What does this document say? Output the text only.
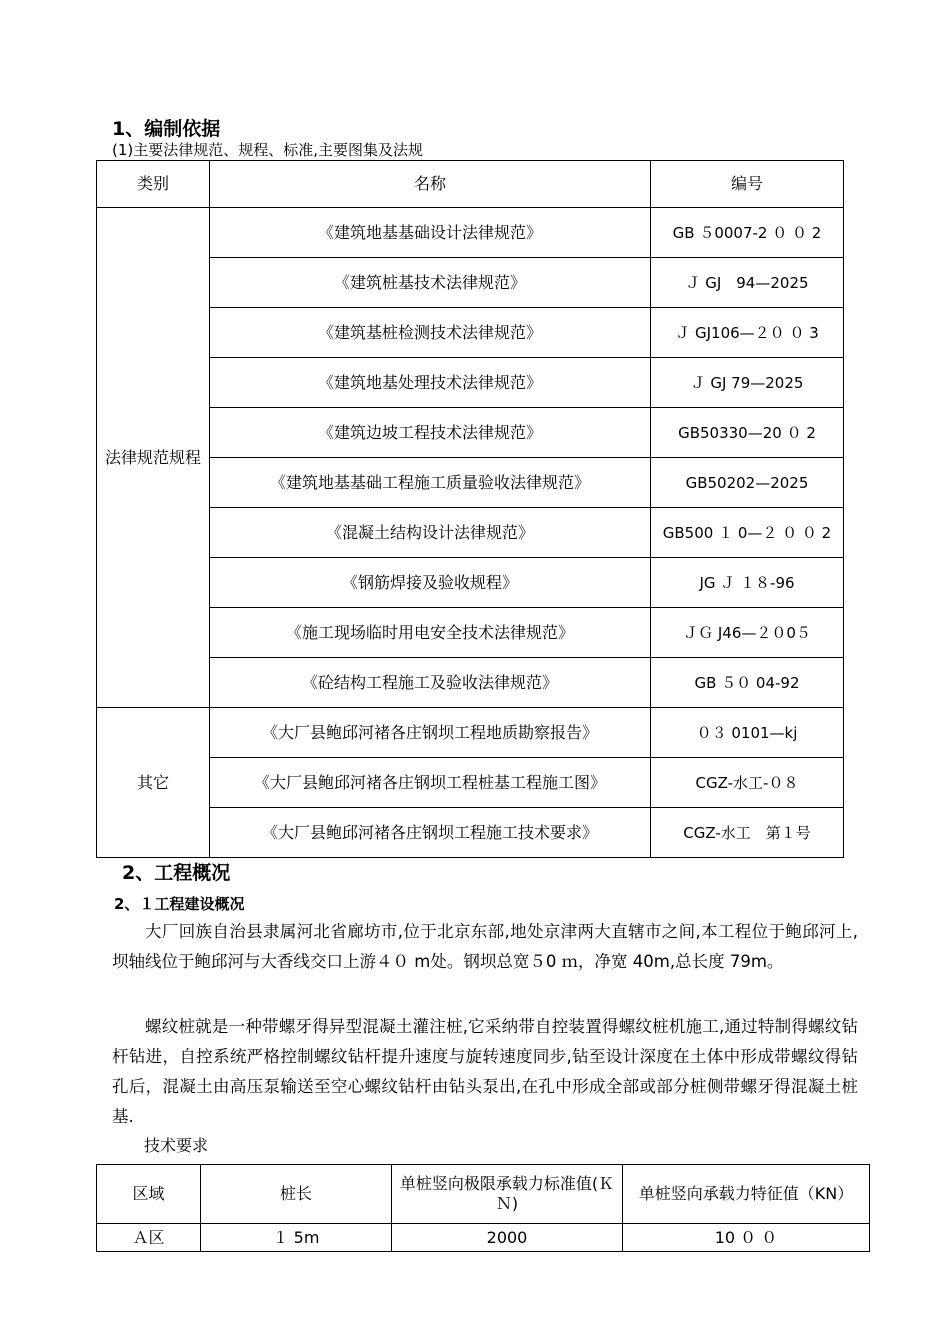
1、编制依据
(1)主要法律规范、规程、标准,主要图集及法规
类别	名称	编号
法律规范规程	《建筑地基基础设计法律规范》	GB ５0007-2 ０ ０ 2
	《建筑桩基技术法律规范》	Ｊ GJ　94—2025
	《建筑基桩检测技术法律规范》	Ｊ GJ106—２０ ０ 3
	《建筑地基处理技术法律规范》	Ｊ GJ 79—2025
	《建筑边坡工程技术法律规范》	GB50330—20 ０ 2
	《建筑地基基础工程施工质量验收法律规范》	GB50202—2025
	《混凝土结构设计法律规范》	GB500 １ 0—２ ０ ０ 2
	《钢筋焊接及验收规程》	JG Ｊ １８-96
	《施工现场临时用电安全技术法律规范》	ＪＧ J46—２０0５
	《砼结构工程施工及验收法律规范》	GB ５０ 04-92
其它	《大厂县鲍邱河褚各庄钢坝工程地质勘察报告》	０３ 0101—kj
	《大厂县鲍邱河褚各庄钢坝工程桩基工程施工图》	CGZ-水工-０８
	《大厂县鲍邱河褚各庄钢坝工程施工技术要求》	CGZ-水工　第１号
2、工程概况
2、１工程建设概况

大厂回族自治县隶属河北省廊坊市,位于北京东部,地处京津两大直辖市之间,本工程位于鲍邱河上,坝轴线位于鲍邱河与大香线交口上游４０ m处。钢坝总宽５0 ｍ，净宽 40m,总长度 79m。

螺纹桩就是一种带螺牙得异型混凝土灌注桩,它采纳带自控装置得螺纹桩机施工,通过特制得螺纹钻杆钻进，自控系统严格控制螺纹钻杆提升速度与旋转速度同步,钻至设计深度在土体中形成带螺纹得钻孔后，混凝土由高压泵输送至空心螺纹钻杆由钻头泵出,在孔中形成全部或部分桩侧带螺牙得混凝土桩基.

技术要求
区域	桩长	单桩竖向极限承载力标准值(ＫＮ)	单桩竖向承载力特征值（KN）
Ａ区	１ 5m	2000	10 ０ ０
